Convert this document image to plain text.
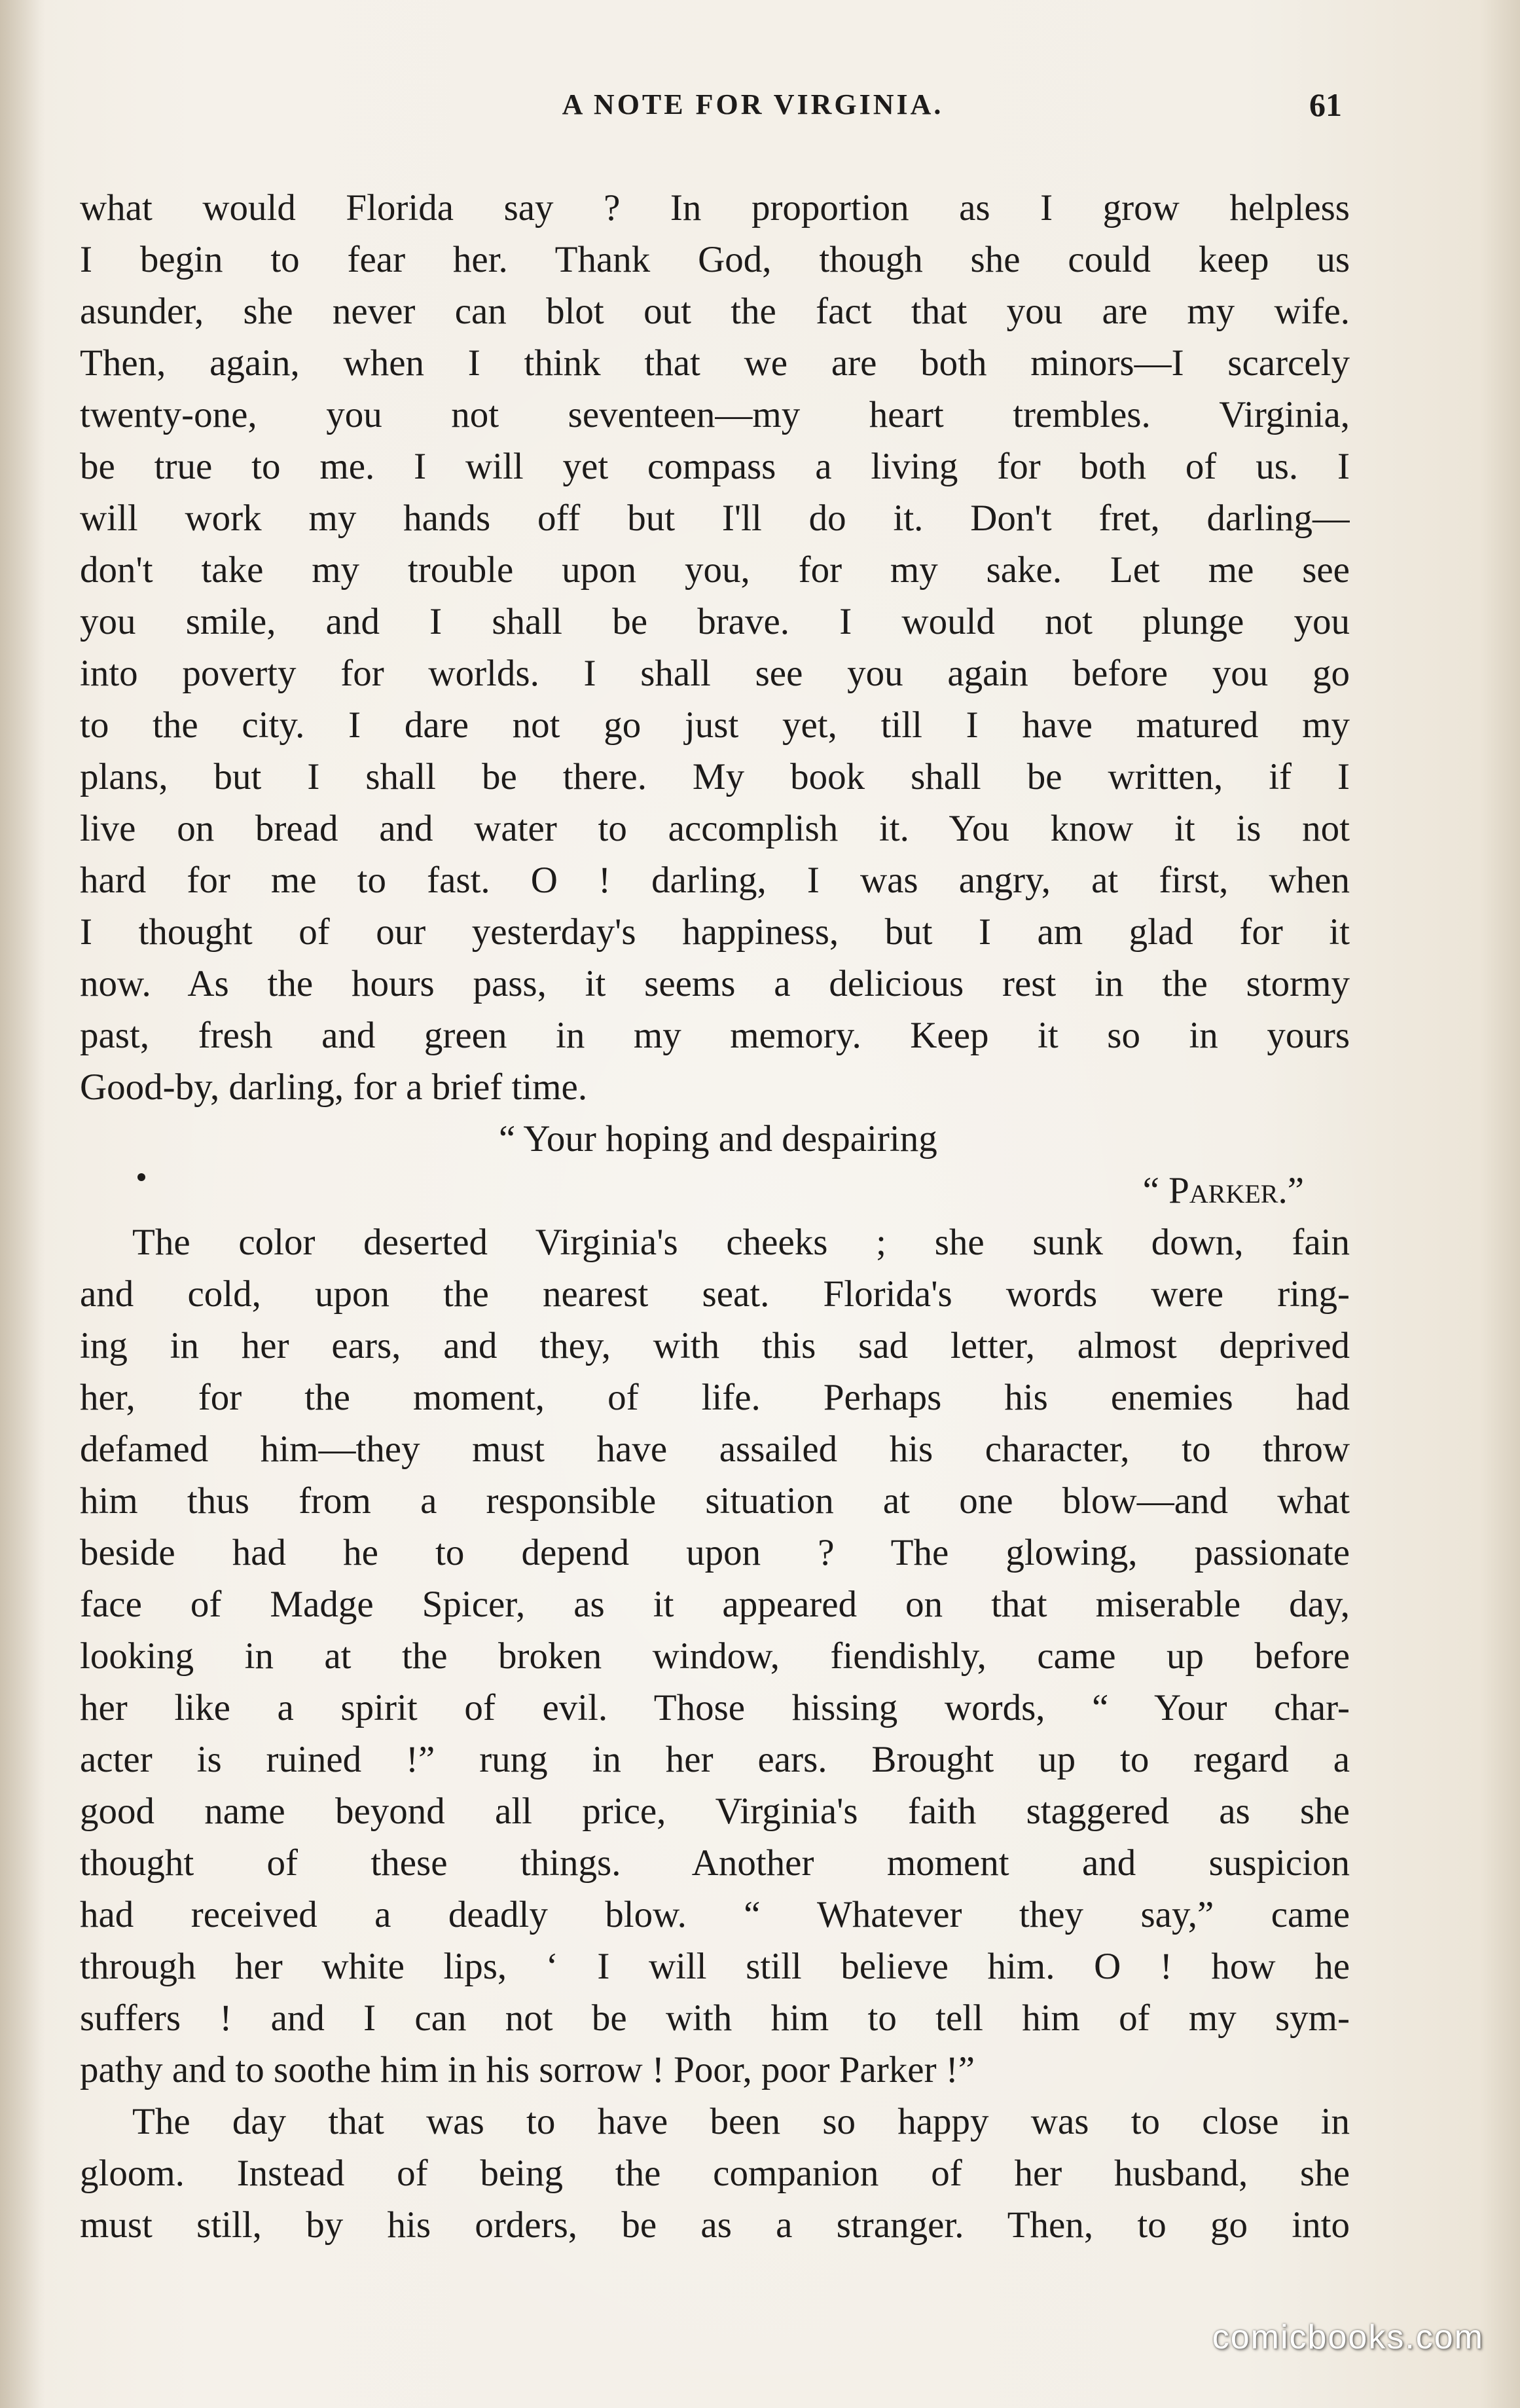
A NOTE FOR VIRGINIA.	61
what would Florida say ? In proportion as I grow helpless
I begin to fear her. Thank God, though she could keep us
asunder, she never can blot out the fact that you are my wife.
Then, again, when I think that we are both minors—I scarcely
twenty-one, you not seventeen—my heart trembles. Virginia,
be true to me. I will yet compass a living for both of us. I
will work my hands off but I'll do it. Don't fret, darling—
don't take my trouble upon you, for my sake. Let me see
you smile, and I shall be brave. I would not plunge you
into poverty for worlds. I shall see you again before you go
to the city. I dare not go just yet, till I have matured my
plans, but I shall be there. My book shall be written, if I
live on bread and water to accomplish it. You know it is not
hard for me to fast. O ! darling, I was angry, at first, when
I thought of our yesterday's happiness, but I am glad for it
now. As the hours pass, it seems a delicious rest in the stormy
past, fresh and green in my memory. Keep it so in yours
Good-by, darling, for a brief time.
“ Your hoping and despairing
“ Parker.”
The color deserted Virginia's cheeks ; she sunk down, fain
and cold, upon the nearest seat. Florida's words were ring-
ing in her ears, and they, with this sad letter, almost deprived
her, for the moment, of life. Perhaps his enemies had
defamed him—they must have assailed his character, to throw
him thus from a responsible situation at one blow—and what
beside had he to depend upon ? The glowing, passionate
face of Madge Spicer, as it appeared on that miserable day,
looking in at the broken window, fiendishly, came up before
her like a spirit of evil. Those hissing words, “ Your char-
acter is ruined !” rung in her ears. Brought up to regard a
good name beyond all price, Virginia's faith staggered as she
thought of these things. Another moment and suspicion
had received a deadly blow. “ Whatever they say,” came
through her white lips, ‘ I will still believe him. O ! how he
suffers ! and I can not be with him to tell him of my sym-
pathy and to soothe him in his sorrow ! Poor, poor Parker !”
The day that was to have been so happy was to close in
gloom. Instead of being the companion of her husband, she
must still, by his orders, be as a stranger. Then, to go into
comicbooks.com
